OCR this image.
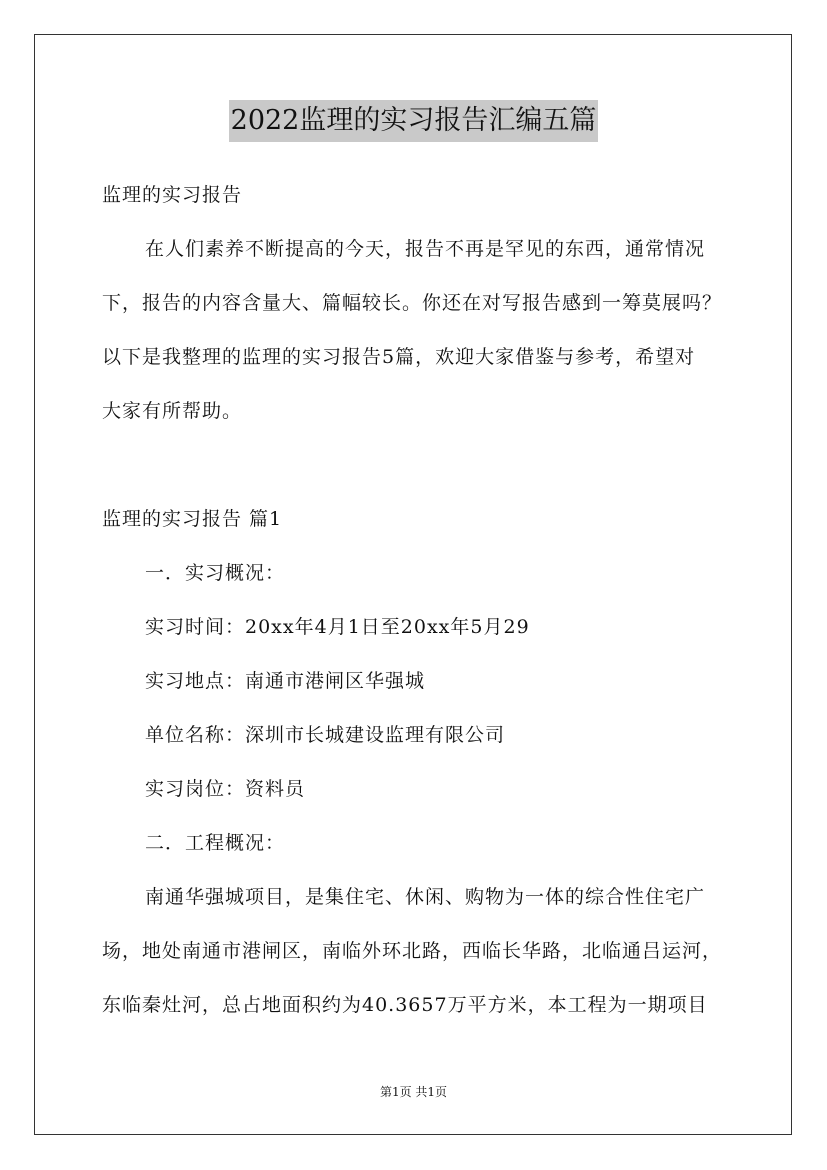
2022监理的实习报告汇编五篇
监理的实习报告
在人们素养不断提高的今天，报告不再是罕见的东西，通常情况
下，报告的内容含量大、篇幅较长。你还在对写报告感到一筹莫展吗？
以下是我整理的监理的实习报告5篇，欢迎大家借鉴与参考，希望对
大家有所帮助。
监理的实习报告 篇1
一．实习概况：
实习时间：20xx年4月1日至20xx年5月29
实习地点：南通市港闸区华强城
单位名称：深圳市长城建设监理有限公司
实习岗位：资料员
二．工程概况：
南通华强城项目，是集住宅、休闲、购物为一体的综合性住宅广
场，地处南通市港闸区，南临外环北路，西临长华路，北临通吕运河，
东临秦灶河，总占地面积约为40.3657万平方米，本工程为一期项目
第1页 共1页
